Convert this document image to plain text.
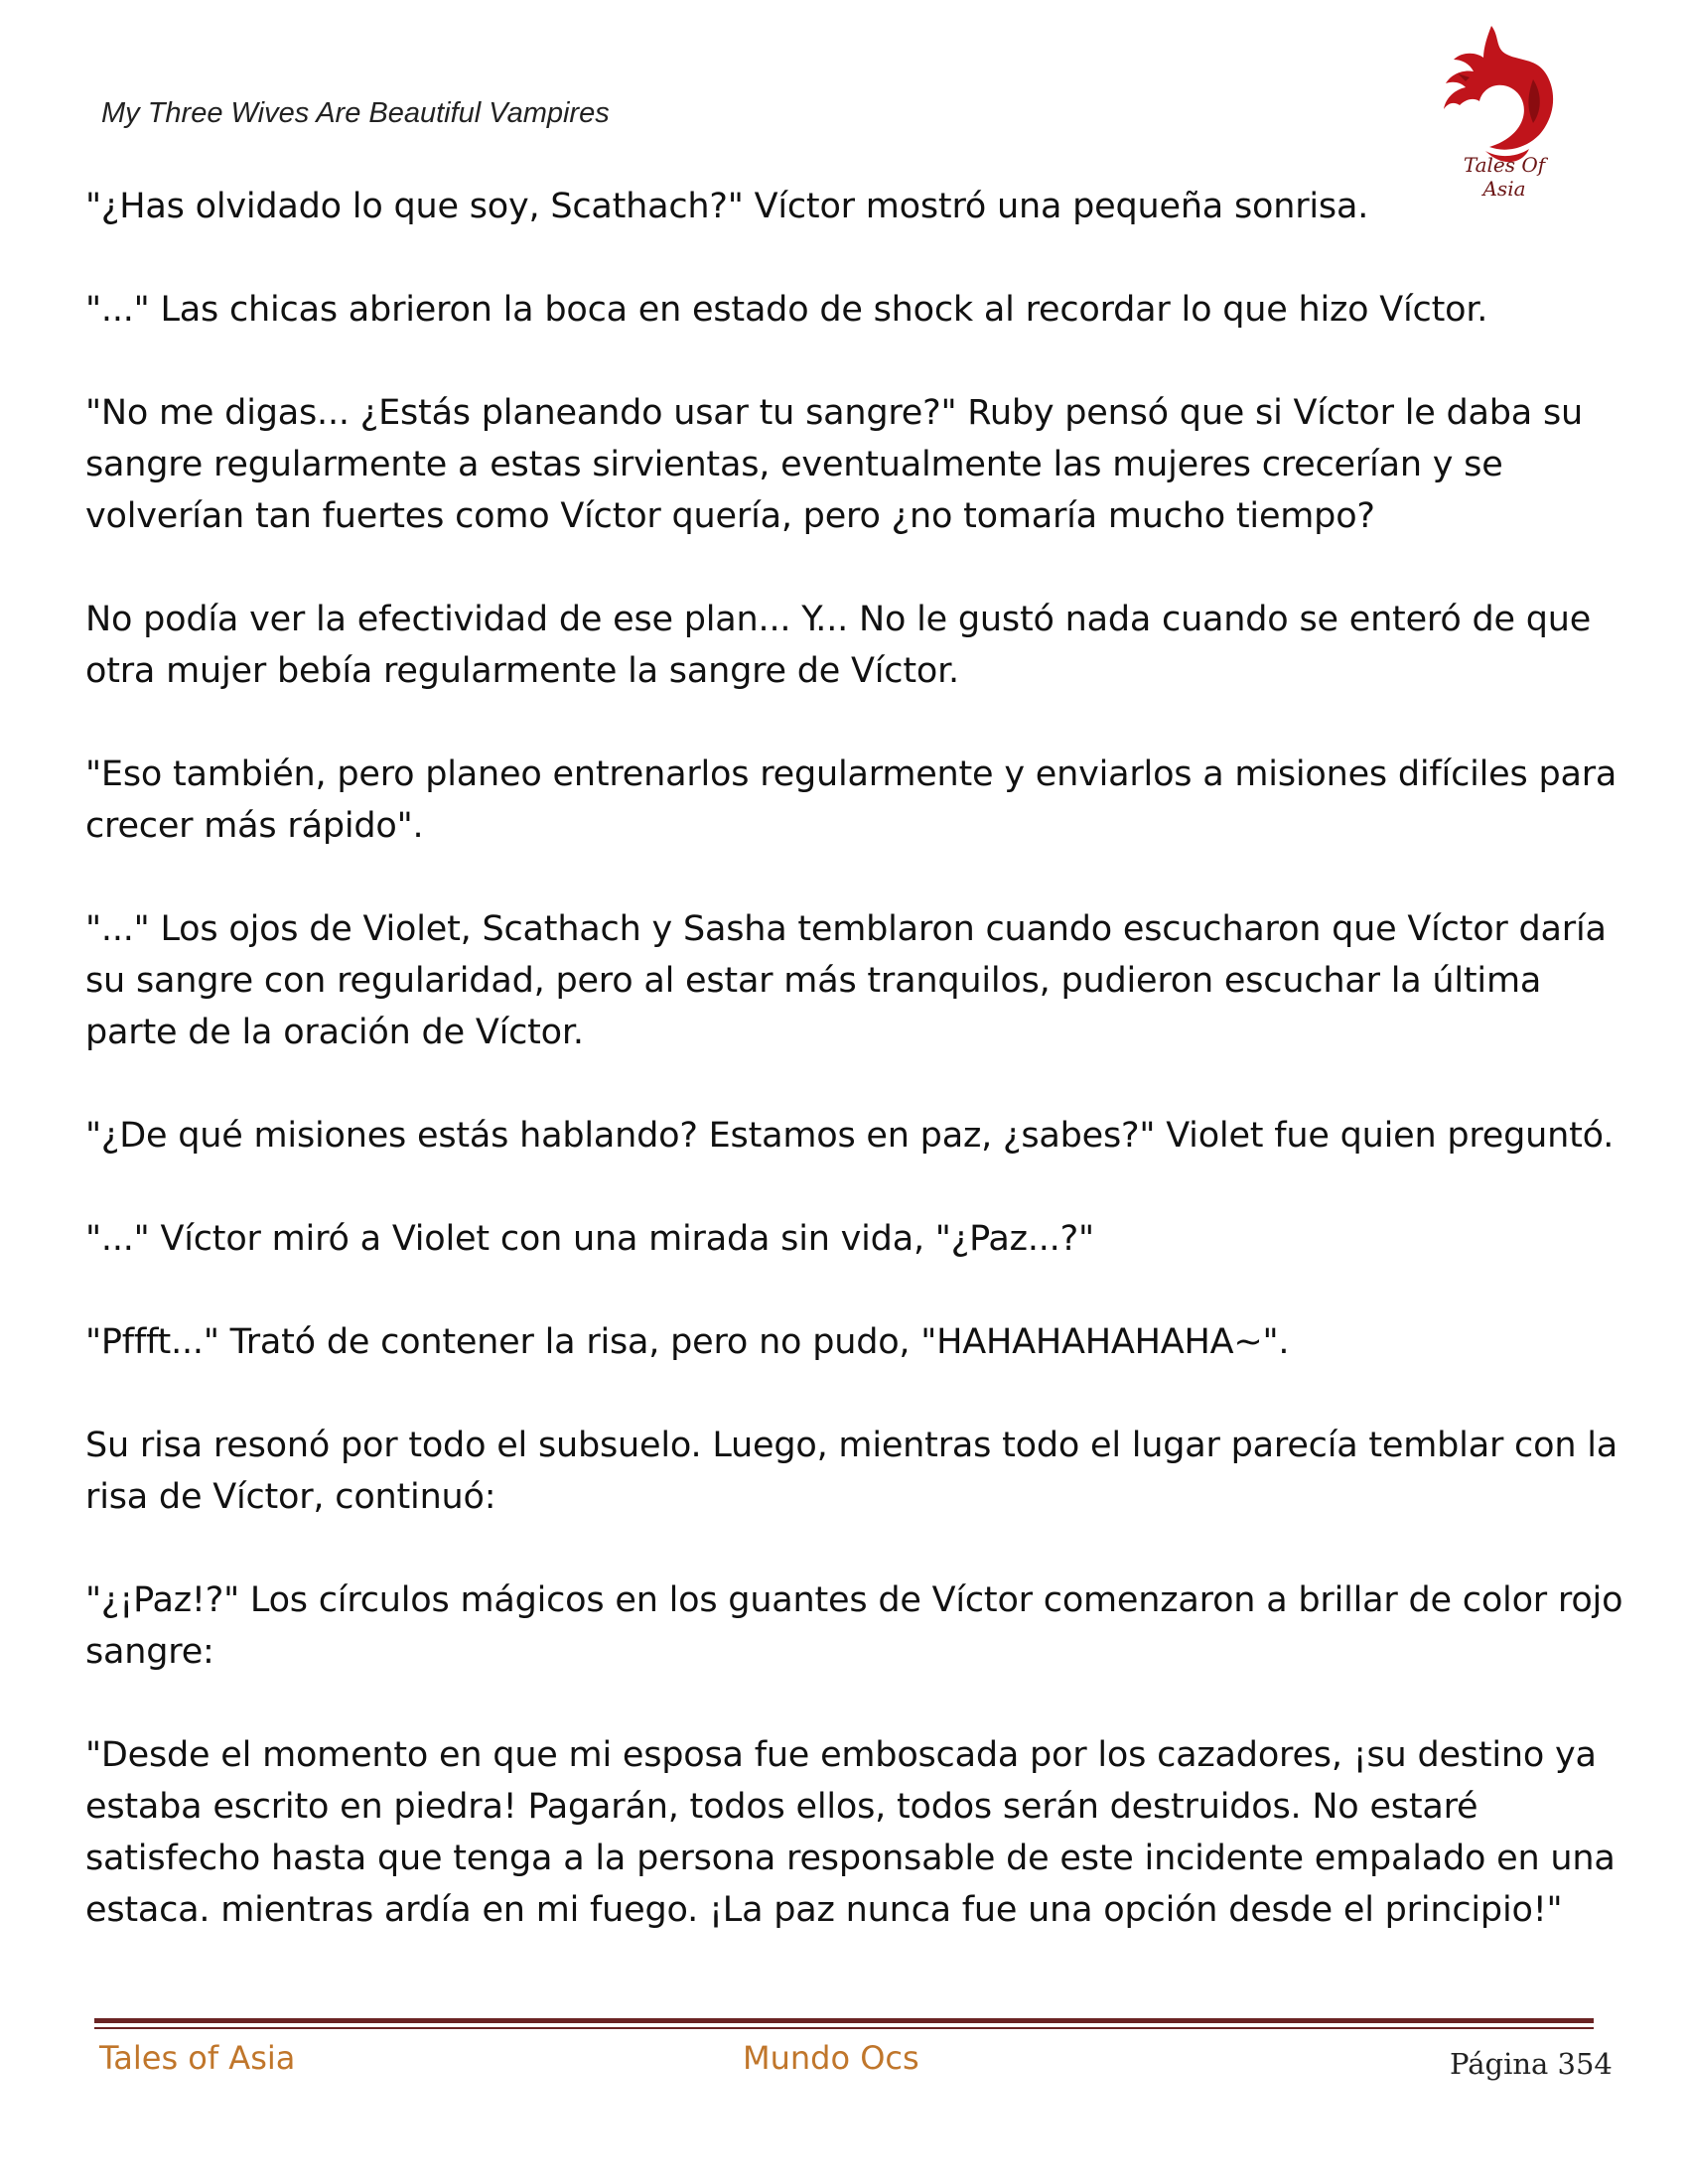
My Three Wives Are Beautiful Vampires
Tales Of Asia

"¿Has olvidado lo que soy, Scathach?" Víctor mostró una pequeña sonrisa.

"..." Las chicas abrieron la boca en estado de shock al recordar lo que hizo Víctor.

"No me digas... ¿Estás planeando usar tu sangre?" Ruby pensó que si Víctor le daba su sangre regularmente a estas sirvientas, eventualmente las mujeres crecerían y se volverían tan fuertes como Víctor quería, pero ¿no tomaría mucho tiempo?

No podía ver la efectividad de ese plan... Y... No le gustó nada cuando se enteró de que otra mujer bebía regularmente la sangre de Víctor.

"Eso también, pero planeo entrenarlos regularmente y enviarlos a misiones difíciles para crecer más rápido".

"..." Los ojos de Violet, Scathach y Sasha temblaron cuando escucharon que Víctor daría su sangre con regularidad, pero al estar más tranquilos, pudieron escuchar la última parte de la oración de Víctor.

"¿De qué misiones estás hablando? Estamos en paz, ¿sabes?" Violet fue quien preguntó.

"..." Víctor miró a Violet con una mirada sin vida, "¿Paz...?"

"Pffft..." Trató de contener la risa, pero no pudo, "HAHAHAHAHAHA~".

Su risa resonó por todo el subsuelo. Luego, mientras todo el lugar parecía temblar con la risa de Víctor, continuó:

"¿¡Paz!?" Los círculos mágicos en los guantes de Víctor comenzaron a brillar de color rojo sangre:

"Desde el momento en que mi esposa fue emboscada por los cazadores, ¡su destino ya estaba escrito en piedra! Pagarán, todos ellos, todos serán destruidos. No estaré satisfecho hasta que tenga a la persona responsable de este incidente empalado en una estaca. mientras ardía en mi fuego. ¡La paz nunca fue una opción desde el principio!"

Tales of Asia	Mundo Ocs	Página 354
